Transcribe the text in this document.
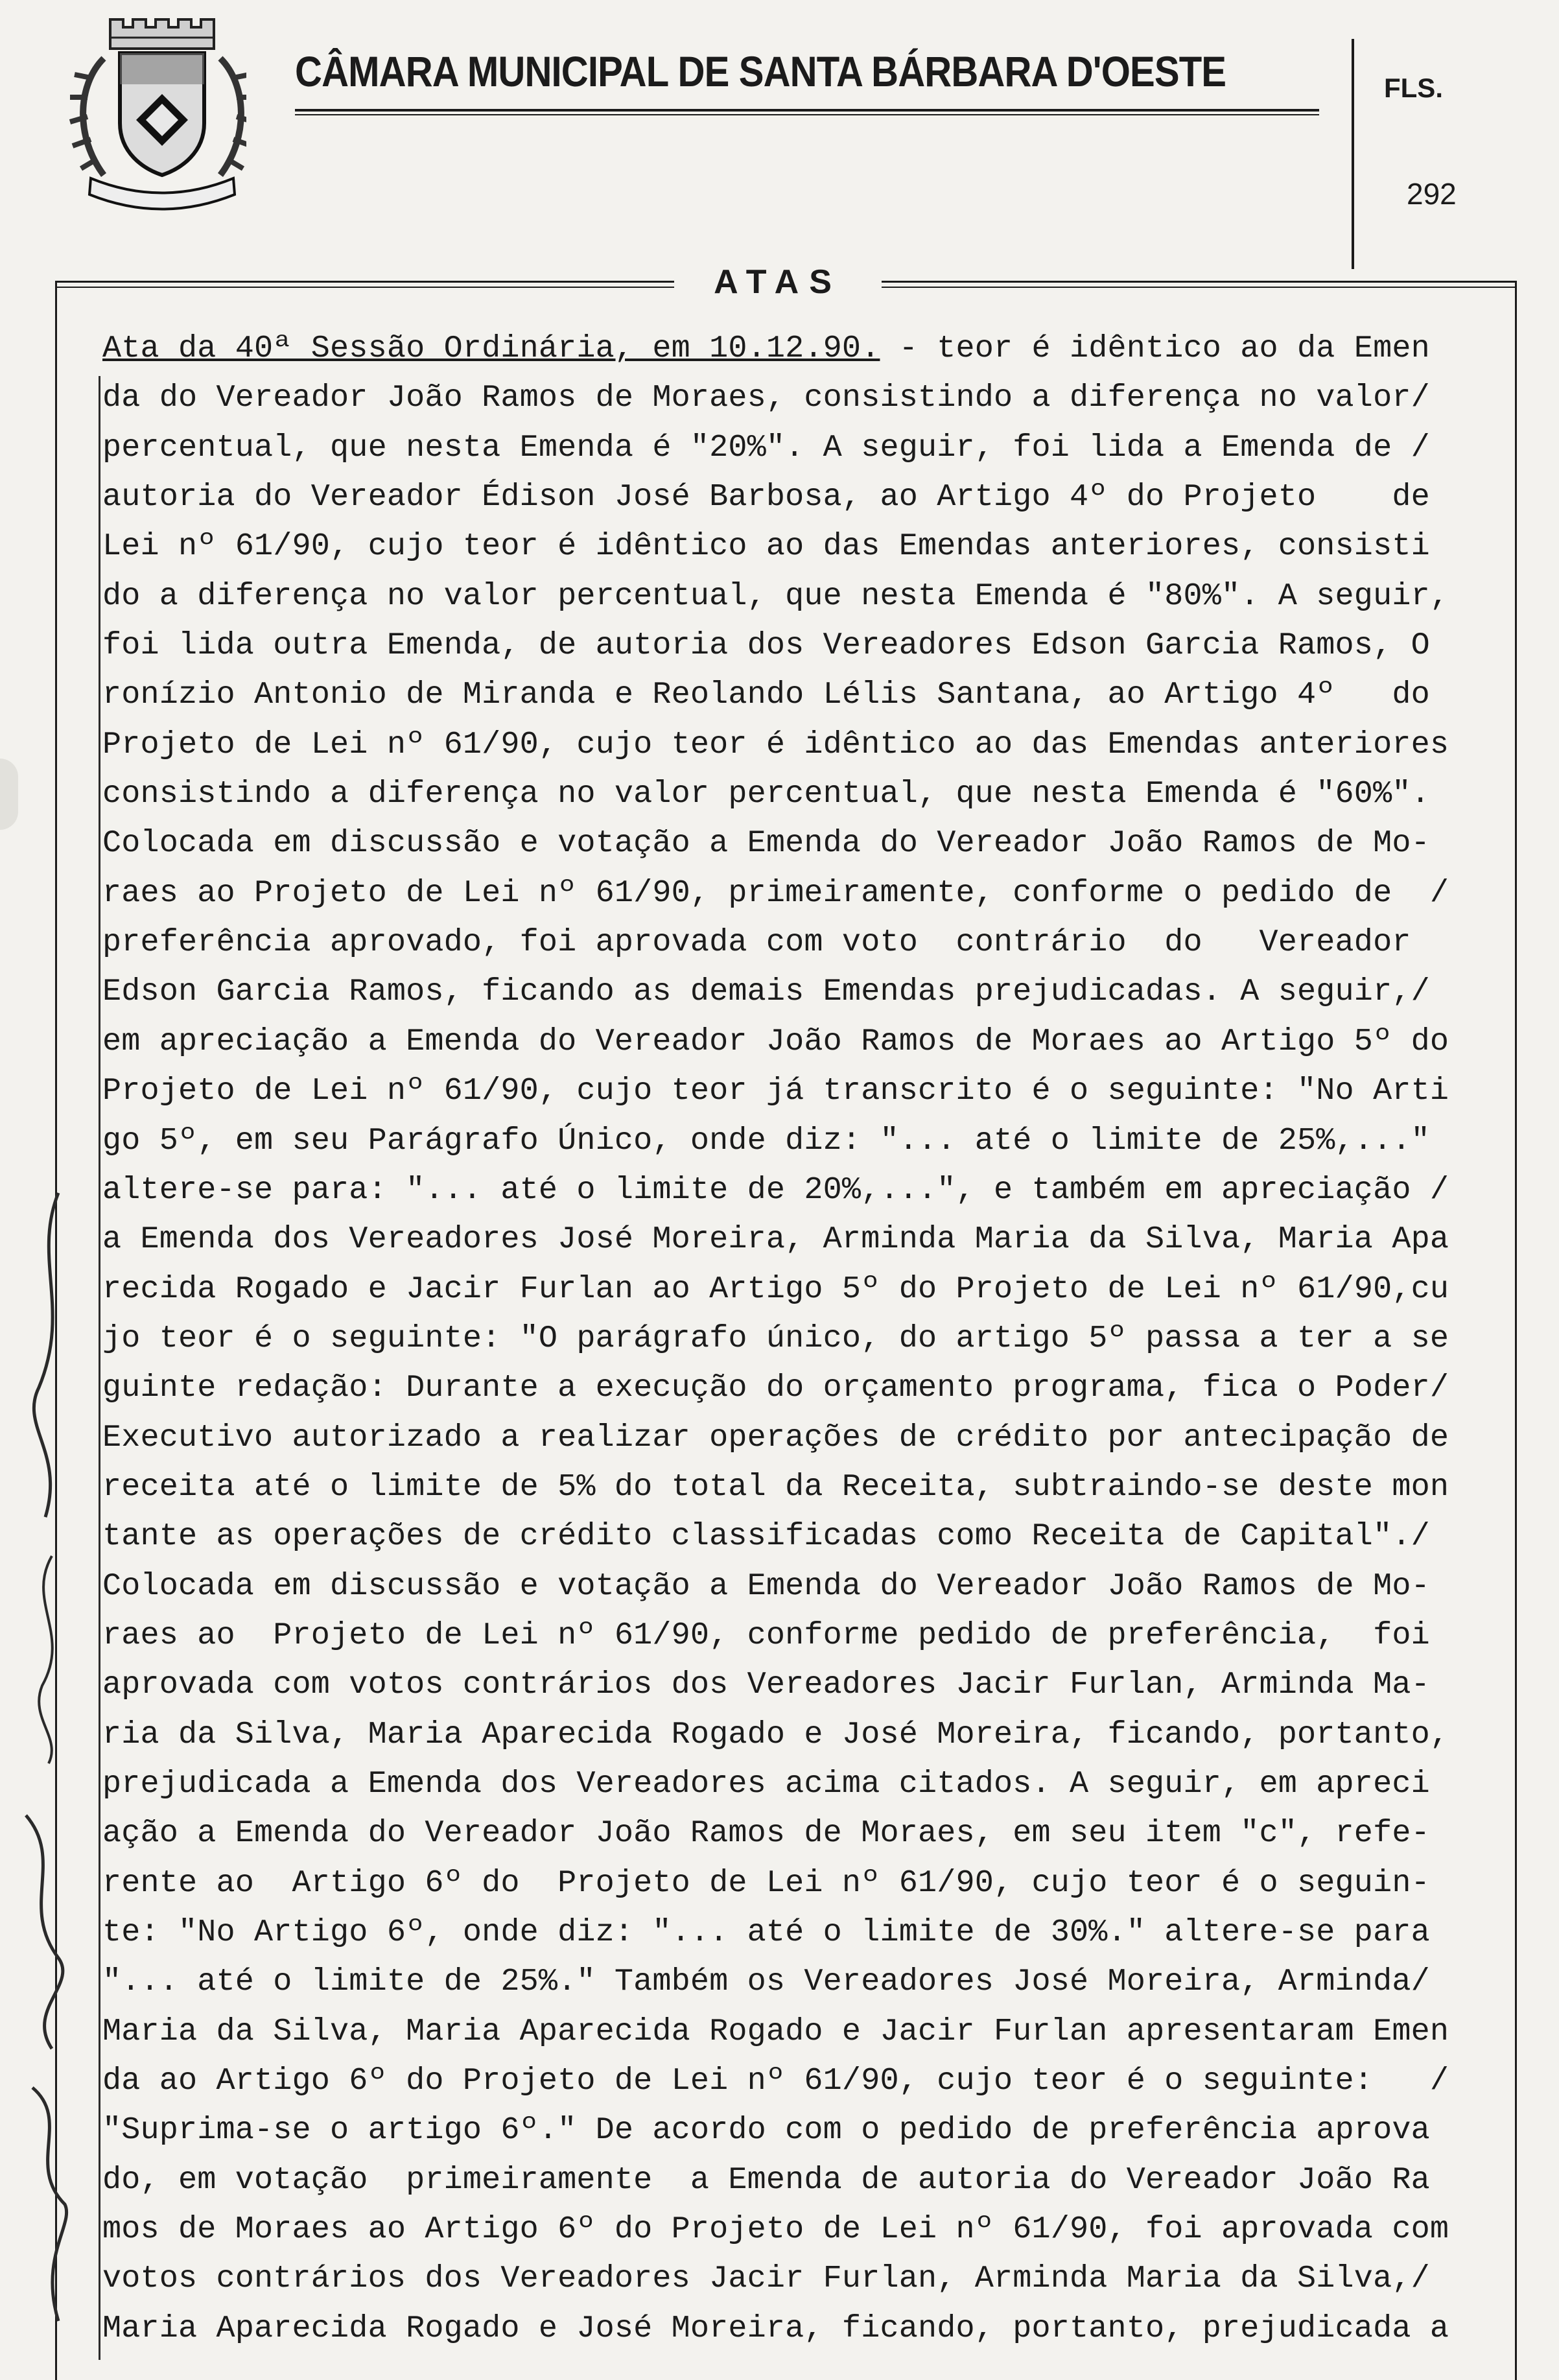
CÂMARA MUNICIPAL DE SANTA BÁRBARA D'OESTE	FLS.
292
ATAS
Ata da 40ª Sessão Ordinária, em 10.12.90. - teor é idêntico ao da Emen
da do Vereador João Ramos de Moraes, consistindo a diferença no valor/
percentual, que nesta Emenda é "20%". A seguir, foi lida a Emenda de /
autoria do Vereador Édison José Barbosa, ao Artigo 4º do Projeto    de
Lei nº 61/90, cujo teor é idêntico ao das Emendas anteriores, consisti
do a diferença no valor percentual, que nesta Emenda é "80%". A seguir,
foi lida outra Emenda, de autoria dos Vereadores Edson Garcia Ramos, O
ronízio Antonio de Miranda e Reolando Lélis Santana, ao Artigo 4º   do
Projeto de Lei nº 61/90, cujo teor é idêntico ao das Emendas anteriores
consistindo a diferença no valor percentual, que nesta Emenda é "60%".
Colocada em discussão e votação a Emenda do Vereador João Ramos de Mo-
raes ao Projeto de Lei nº 61/90, primeiramente, conforme o pedido de  /
preferência aprovado, foi aprovada com voto  contrário  do   Vereador
Edson Garcia Ramos, ficando as demais Emendas prejudicadas. A seguir,/
em apreciação a Emenda do Vereador João Ramos de Moraes ao Artigo 5º do
Projeto de Lei nº 61/90, cujo teor já transcrito é o seguinte: "No Arti
go 5º, em seu Parágrafo Único, onde diz: "... até o limite de 25%,..."
altere-se para: "... até o limite de 20%,...", e também em apreciação /
a Emenda dos Vereadores José Moreira, Arminda Maria da Silva, Maria Apa
recida Rogado e Jacir Furlan ao Artigo 5º do Projeto de Lei nº 61/90,cu
jo teor é o seguinte: "O parágrafo único, do artigo 5º passa a ter a se
guinte redação: Durante a execução do orçamento programa, fica o Poder/
Executivo autorizado a realizar operações de crédito por antecipação de
receita até o limite de 5% do total da Receita, subtraindo-se deste mon
tante as operações de crédito classificadas como Receita de Capital"./
Colocada em discussão e votação a Emenda do Vereador João Ramos de Mo-
raes ao  Projeto de Lei nº 61/90, conforme pedido de preferência,  foi
aprovada com votos contrários dos Vereadores Jacir Furlan, Arminda Ma-
ria da Silva, Maria Aparecida Rogado e José Moreira, ficando, portanto,
prejudicada a Emenda dos Vereadores acima citados. A seguir, em apreci
ação a Emenda do Vereador João Ramos de Moraes, em seu item "c", refe-
rente ao  Artigo 6º do  Projeto de Lei nº 61/90, cujo teor é o seguin-
te: "No Artigo 6º, onde diz: "... até o limite de 30%." altere-se para
"... até o limite de 25%." Também os Vereadores José Moreira, Arminda/
Maria da Silva, Maria Aparecida Rogado e Jacir Furlan apresentaram Emen
da ao Artigo 6º do Projeto de Lei nº 61/90, cujo teor é o seguinte:   /
"Suprima-se o artigo 6º." De acordo com o pedido de preferência aprova
do, em votação  primeiramente  a Emenda de autoria do Vereador João Ra
mos de Moraes ao Artigo 6º do Projeto de Lei nº 61/90, foi aprovada com
votos contrários dos Vereadores Jacir Furlan, Arminda Maria da Silva,/
Maria Aparecida Rogado e José Moreira, ficando, portanto, prejudicada a
